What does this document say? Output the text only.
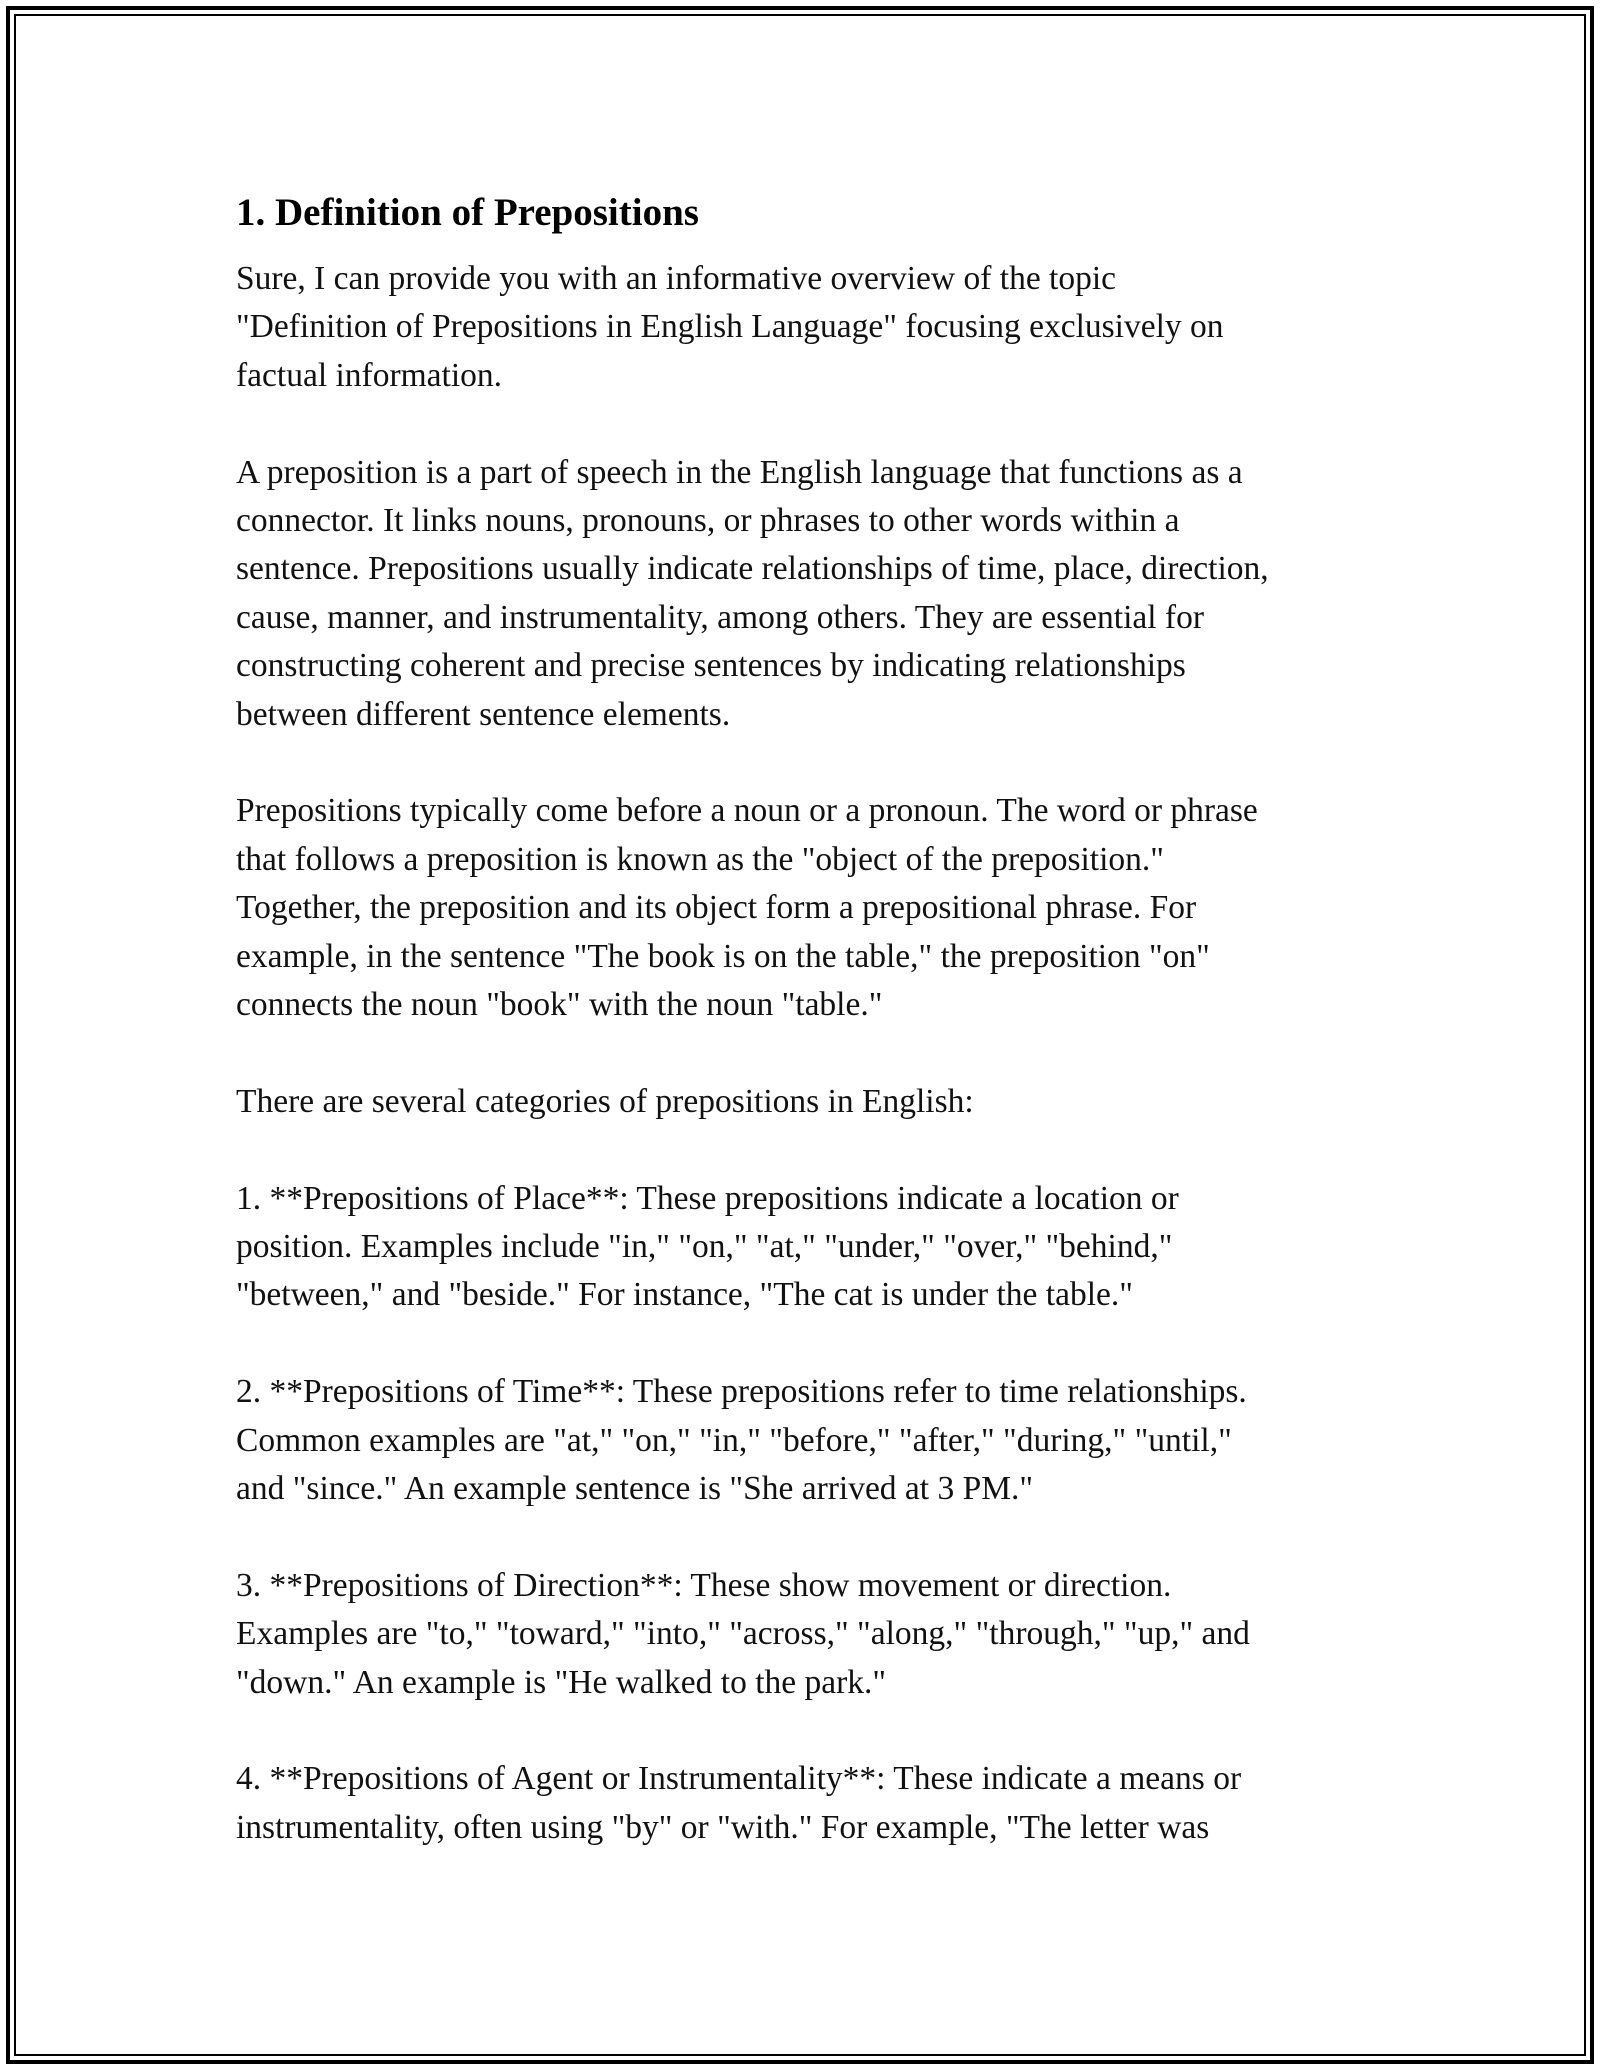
1. Definition of Prepositions

Sure, I can provide you with an informative overview of the topic
"Definition of Prepositions in English Language" focusing exclusively on
factual information.

A preposition is a part of speech in the English language that functions as a
connector. It links nouns, pronouns, or phrases to other words within a
sentence. Prepositions usually indicate relationships of time, place, direction,
cause, manner, and instrumentality, among others. They are essential for
constructing coherent and precise sentences by indicating relationships
between different sentence elements.

Prepositions typically come before a noun or a pronoun. The word or phrase
that follows a preposition is known as the "object of the preposition."
Together, the preposition and its object form a prepositional phrase. For
example, in the sentence "The book is on the table," the preposition "on"
connects the noun "book" with the noun "table."

There are several categories of prepositions in English:

1. **Prepositions of Place**: These prepositions indicate a location or
position. Examples include "in," "on," "at," "under," "over," "behind,"
"between," and "beside." For instance, "The cat is under the table."

2. **Prepositions of Time**: These prepositions refer to time relationships.
Common examples are "at," "on," "in," "before," "after," "during," "until,"
and "since." An example sentence is "She arrived at 3 PM."

3. **Prepositions of Direction**: These show movement or direction.
Examples are "to," "toward," "into," "across," "along," "through," "up," and
"down." An example is "He walked to the park."

4. **Prepositions of Agent or Instrumentality**: These indicate a means or
instrumentality, often using "by" or "with." For example, "The letter was
